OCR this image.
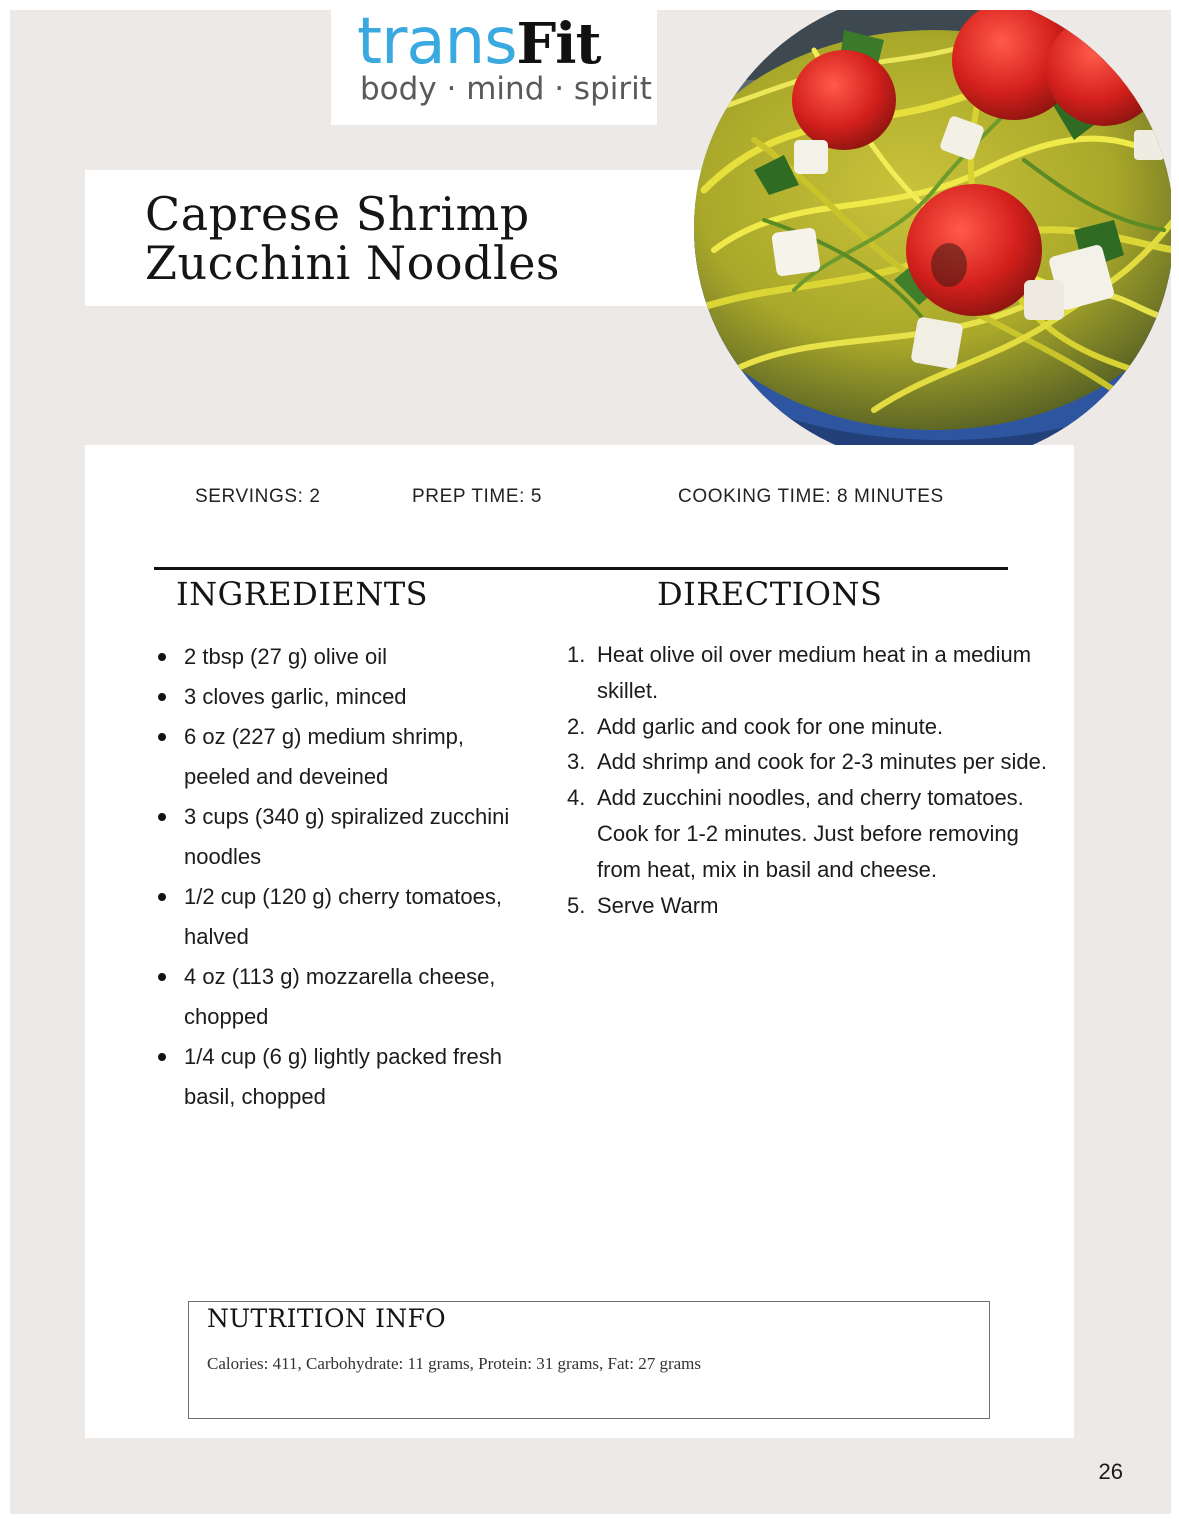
transFit
body · mind · spirit
Caprese Shrimp
Zucchini Noodles
SERVINGS: 2	PREP TIME: 5	COOKING TIME: 8 MINUTES
INGREDIENTS	DIRECTIONS
2 tbsp (27 g) olive oil
3 cloves garlic, minced
6 oz (227 g) medium shrimp, peeled and deveined
3 cups (340 g) spiralized zucchini noodles
1/2 cup (120 g) cherry tomatoes, halved
4 oz (113 g) mozzarella cheese, chopped
1/4 cup (6 g) lightly packed fresh basil, chopped
Heat olive oil over medium heat in a medium skillet.
Add garlic and cook for one minute.
Add shrimp and cook for 2-3 minutes per side.
Add zucchini noodles, and cherry tomatoes. Cook for 1-2 minutes. Just before removing from heat, mix in basil and cheese.
Serve Warm
NUTRITION INFO

Calories: 411, Carbohydrate: 11 grams, Protein: 31 grams, Fat: 27 grams

26
